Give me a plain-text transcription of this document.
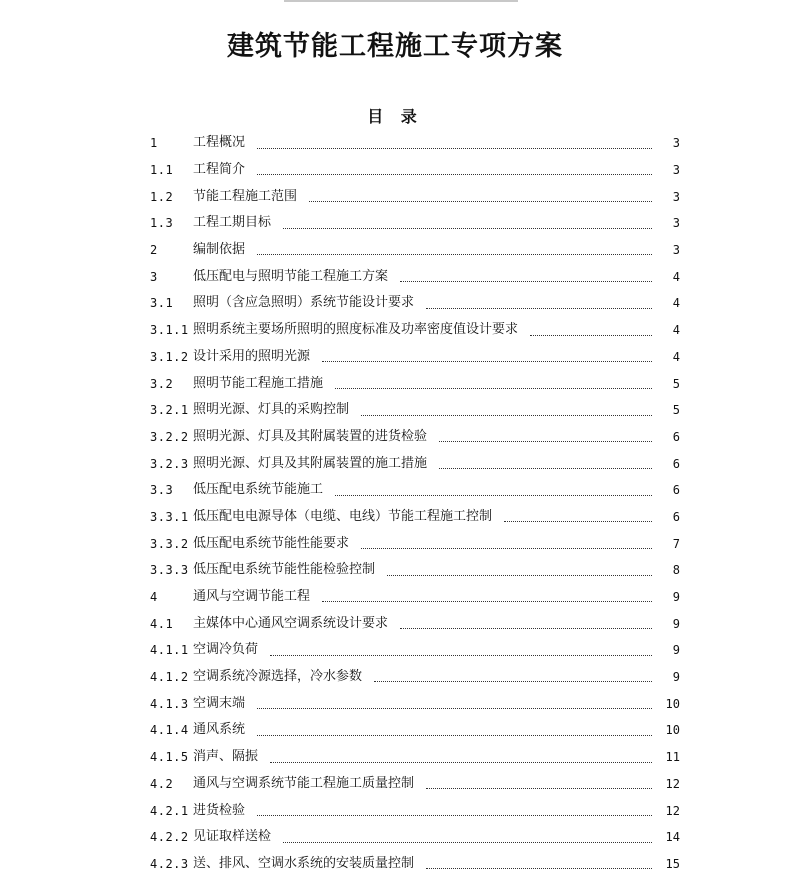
建筑节能工程施工专项方案
目 录
1	工程概况	3
1.1	工程简介	3
1.2	节能工程施工范围	3
1.3	工程工期目标	3
2	编制依据	3
3	低压配电与照明节能工程施工方案	4
3.1	照明（含应急照明）系统节能设计要求	4
3.1.1 照明系统主要场所照明的照度标准及功率密度值设计要求	4
3.1.2 设计采用的照明光源	4
3.2	照明节能工程施工措施	5
3.2.1 照明光源、灯具的采购控制	5
3.2.2 照明光源、灯具及其附属装置的进货检验	6
3.2.3 照明光源、灯具及其附属装置的施工措施	6
3.3	低压配电系统节能施工	6
3.3.1 低压配电电源导体（电缆、电线）节能工程施工控制	6
3.3.2 低压配电系统节能性能要求	7
3.3.3 低压配电系统节能性能检验控制	8
4	通风与空调节能工程	9
4.1	主媒体中心通风空调系统设计要求	9
4.1.1 空调冷负荷	9
4.1.2 空调系统冷源选择，冷水参数	9
4.1.3 空调末端	10
4.1.4 通风系统	10
4.1.5 消声、隔振	11
4.2	通风与空调系统节能工程施工质量控制	12
4.2.1 进货检验	12
4.2.2 见证取样送检	14
4.2.3 送、排风、空调水系统的安装质量控制	15
